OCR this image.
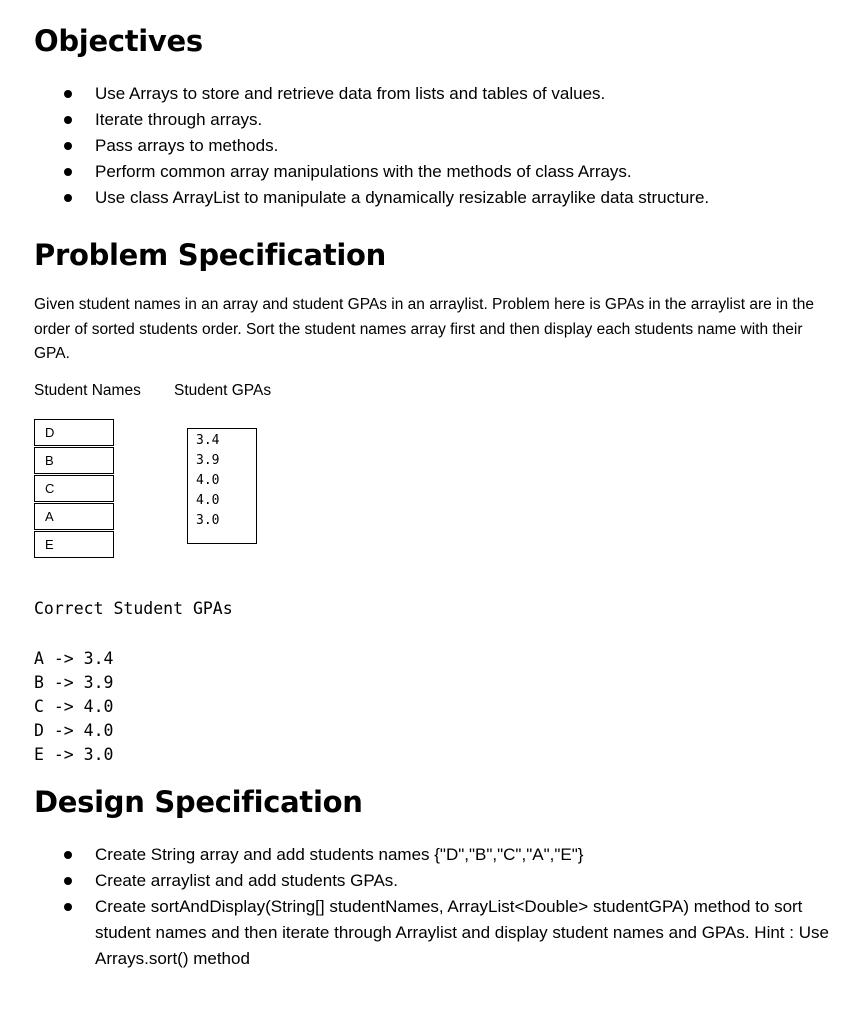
Objectives
Use Arrays to store and retrieve data from lists and tables of values.
Iterate through arrays.
Pass arrays to methods.
Perform common array manipulations with the methods of class Arrays.
Use class ArrayList to manipulate a dynamically resizable arraylike data structure.
Problem Specification

Given student names in an array and student GPAs in an arraylist. Problem here is GPAs in the arraylist are in the order of sorted students order. Sort the student names array first and then display each students name with their GPA.

Student Names Student GPAs
D
B
C
A
E
3.4
3.9
4.0
4.0
3.0
Correct Student GPAs
A -> 3.4
B -> 3.9
C -> 4.0
D -> 4.0
E -> 3.0
Design Specification
Create String array and add students names {"D","B","C","A","E"}
Create arraylist and add students GPAs.
Create sortAndDisplay(String[] studentNames, ArrayList<Double> studentGPA) method to sort student names and then iterate through Arraylist and display student names and GPAs. Hint : Use Arrays.sort() method
